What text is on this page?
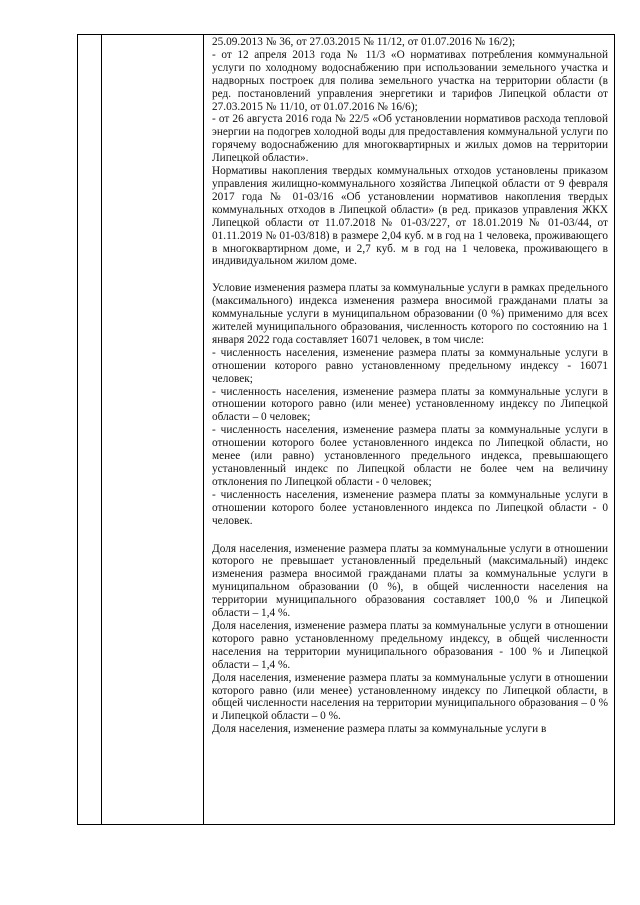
25.09.2013 № 36, от 27.03.2015 № 11/12, от 01.07.2016 № 16/2);

- от 12 апреля 2013 года № 11/3 «О нормативах потребления коммунальной услуги по холодному водоснабжению при использовании земельного участка и надворных построек для полива земельного участка на территории области (в ред. постановлений управления энергетики и тарифов Липецкой области от 27.03.2015 № 11/10, от 01.07.2016 № 16/6);

- от 26 августа 2016 года № 22/5 «Об установлении нормативов расхода тепловой энергии на подогрев холодной воды для предоставления коммунальной услуги по горячему водоснабжению для многоквартирных и жилых домов на территории Липецкой области».

Нормативы накопления твердых коммунальных отходов установлены приказом управления жилищно-коммунального хозяйства Липецкой области от 9 февраля 2017 года № 01-03/16 «Об установлении нормативов накопления твердых коммунальных отходов в Липецкой области» (в ред. приказов управления ЖКХ Липецкой области от 11.07.2018 № 01-03/227, от 18.01.2019 № 01-03/44, от 01.11.2019 № 01-03/818) в размере 2,04 куб. м в год на 1 человека, проживающего в многоквартирном доме, и 2,7 куб. м в год на 1 человека, проживающего в индивидуальном жилом доме.

Условие изменения размера платы за коммунальные услуги в рамках предельного (максимального) индекса изменения размера вносимой гражданами платы за коммунальные услуги в муниципальном образовании (0 %) применимо для всех жителей муниципального образования, численность которого по состоянию на 1 января 2022 года составляет 16071 человек, в том числе:

- численность населения, изменение размера платы за коммунальные услуги в отношении которого равно установленному предельному индексу - 16071 человек;

- численность населения, изменение размера платы за коммунальные услуги в отношении которого равно (или менее) установленному индексу по Липецкой области – 0 человек;

- численность населения, изменение размера платы за коммунальные услуги в отношении которого более установленного индекса по Липецкой области, но менее (или равно) установленного предельного индекса, превышающего установленный индекс по Липецкой области не более чем на величину отклонения по Липецкой области - 0 человек;

- численность населения, изменение размера платы за коммунальные услуги в отношении которого более установленного индекса по Липецкой области - 0 человек.

Доля населения, изменение размера платы за коммунальные услуги в отношении которого не превышает установленный предельный (максимальный) индекс изменения размера вносимой гражданами платы за коммунальные услуги в муниципальном образовании (0 %), в общей численности населения на территории муниципального образования составляет 100,0 % и Липецкой области – 1,4 %.

Доля населения, изменение размера платы за коммунальные услуги в отношении которого равно установленному предельному индексу, в общей численности населения на территории муниципального образования - 100 % и Липецкой области – 1,4 %.

Доля населения, изменение размера платы за коммунальные услуги в отношении которого равно (или менее) установленному индексу по Липецкой области, в общей численности населения на территории муниципального образования – 0 % и Липецкой области – 0 %.

Доля населения, изменение размера платы за коммунальные услуги в
